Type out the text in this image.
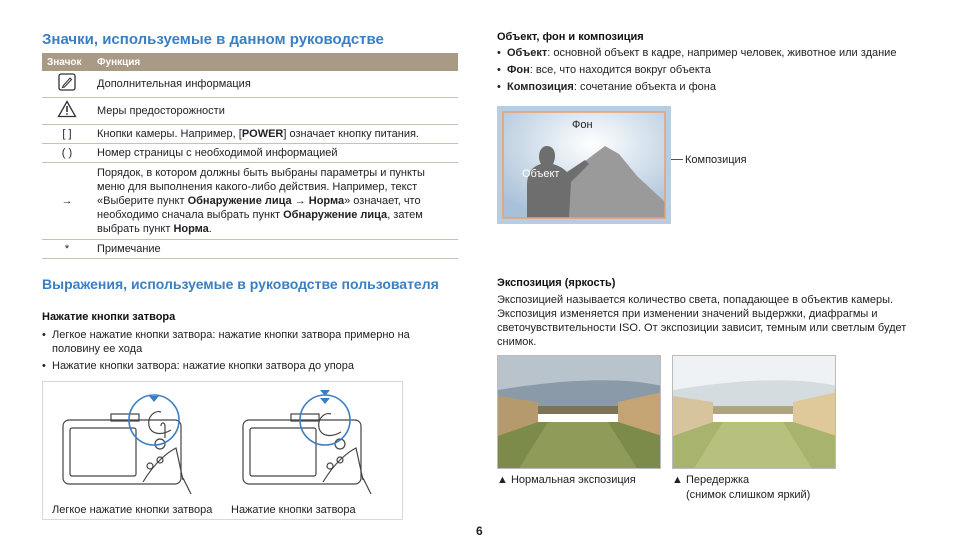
Значки, используемые в данном руководстве
Значок	Функция
	Дополнительная информация
	Меры предосторожности
[ ]	Кнопки камеры. Например, [POWER] означает кнопку питания.
( )	Номер страницы с необходимой информацией
→	Порядок, в котором должны быть выбраны параметры и пункты меню для выполнения какого-либо действия. Например, текст «Выберите пункт Обнаружение лица → Норма» означает, что необходимо сначала выбрать пункт Обнаружение лица, затем выбрать пункт Норма.
*	Примечание
Выражения, используемые в руководстве пользователя
Нажатие кнопки затвора
• Легкое нажатие кнопки затвора: нажатие кнопки затвора примерно на половину ее хода
• Нажатие кнопки затвора: нажатие кнопки затвора до упора
Легкое нажатие кнопки затвора Нажатие кнопки затвора
Объект, фон и композиция
• Объект: основной объект в кадре, например человек, животное или здание
• Фон: все, что находится вокруг объекта
• Композиция: сочетание объекта и фона
Фон
Объект
Композиция
Экспозиция (яркость)
Экспозицией называется количество света, попадающее в объектив камеры. Экспозиция изменяется при изменении значений выдержки, диафрагмы и светочувствительности ISO. От экспозиции зависит, темным или светлым будет снимок.
▲ Нормальная экспозиция	▲ Передержка
(снимок слишком яркий)
6
